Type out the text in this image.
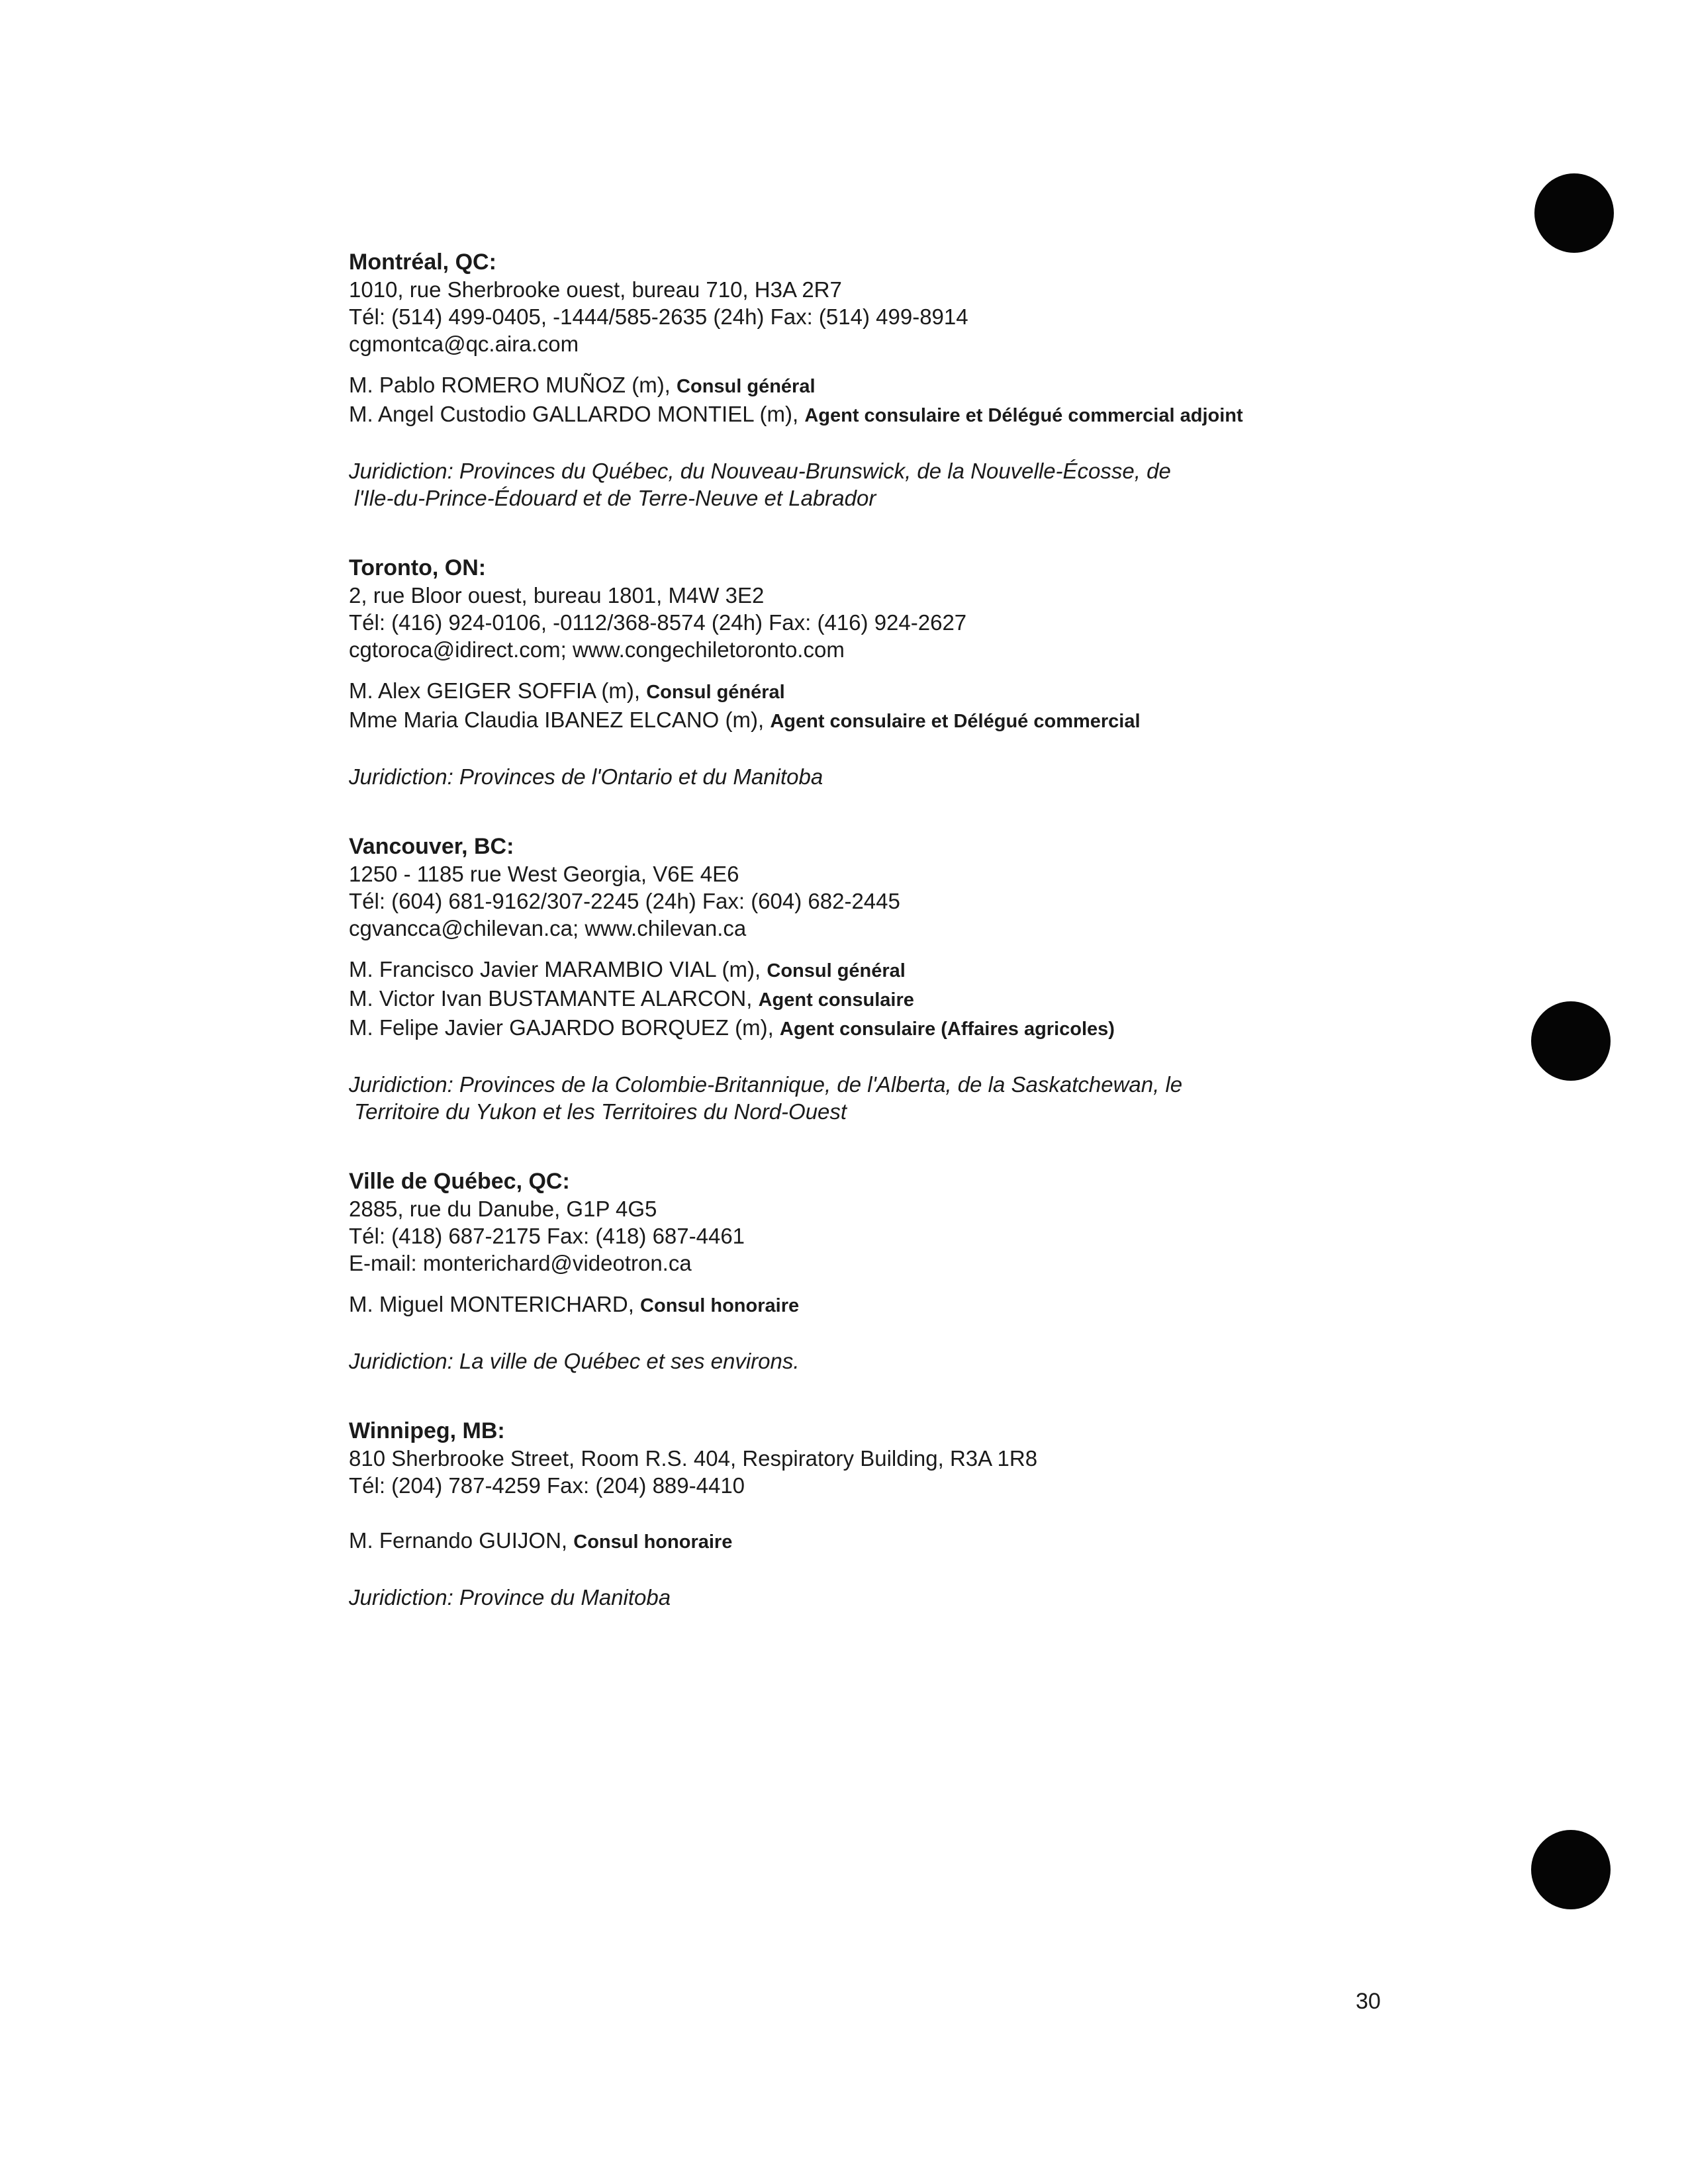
Montréal, QC:

1010, rue Sherbrooke ouest, bureau 710, H3A 2R7

Tél: (514) 499-0405, -1444/585-2635 (24h) Fax: (514) 499-8914

cgmontca@qc.aira.com

M. Pablo ROMERO MUÑOZ (m), Consul général

M. Angel Custodio GALLARDO MONTIEL (m), Agent consulaire et Délégué commercial adjoint

Juridiction: Provinces du Québec, du Nouveau-Brunswick, de la Nouvelle-Écosse, de

l'Ile-du-Prince-Édouard et de Terre-Neuve et Labrador

Toronto, ON:

2, rue Bloor ouest, bureau 1801, M4W 3E2

Tél: (416) 924-0106, -0112/368-8574 (24h) Fax: (416) 924-2627

cgtoroca@idirect.com; www.congechiletoronto.com

M. Alex GEIGER SOFFIA (m), Consul général

Mme Maria Claudia IBANEZ ELCANO (m), Agent consulaire et Délégué commercial

Juridiction: Provinces de l'Ontario et du Manitoba

Vancouver, BC:

1250 - 1185 rue West Georgia, V6E 4E6

Tél: (604) 681-9162/307-2245 (24h) Fax: (604) 682-2445

cgvancca@chilevan.ca; www.chilevan.ca

M. Francisco Javier MARAMBIO VIAL (m), Consul général

M. Victor Ivan BUSTAMANTE ALARCON, Agent consulaire

M. Felipe Javier GAJARDO BORQUEZ (m), Agent consulaire (Affaires agricoles)

Juridiction: Provinces de la Colombie-Britannique, de l'Alberta, de la Saskatchewan, le

Territoire du Yukon et les Territoires du Nord-Ouest

Ville de Québec, QC:

2885, rue du Danube, G1P 4G5

Tél: (418) 687-2175 Fax: (418) 687-4461

E-mail: monterichard@videotron.ca

M. Miguel MONTERICHARD, Consul honoraire

Juridiction: La ville de Québec et ses environs.

Winnipeg, MB:

810 Sherbrooke Street, Room R.S. 404, Respiratory Building, R3A 1R8

Tél: (204) 787-4259 Fax: (204) 889-4410

M. Fernando GUIJON, Consul honoraire

Juridiction: Province du Manitoba

30
